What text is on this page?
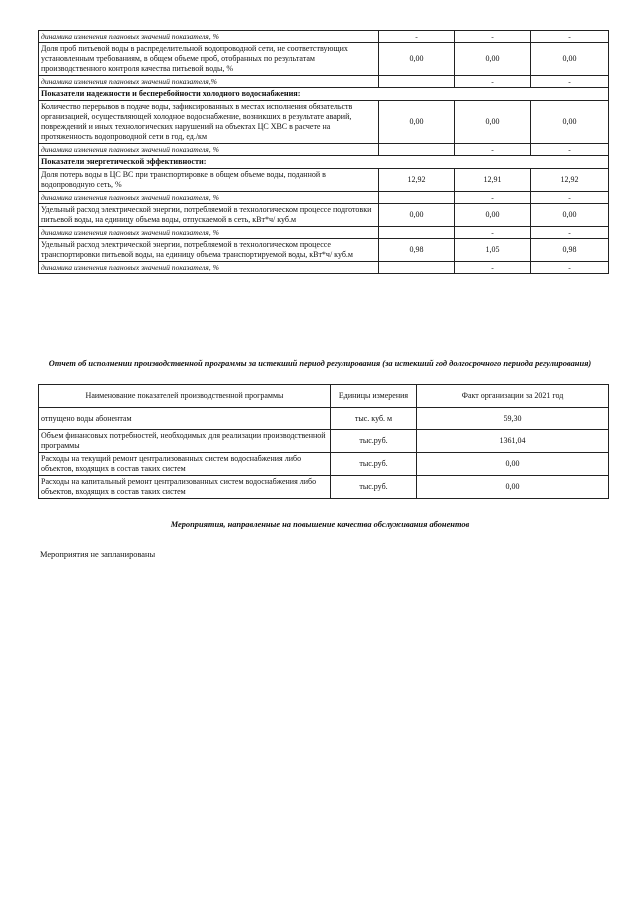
динамика изменения плановых значений показателя, %	-	-	-
Доля проб питьевой воды в распределительной водопроводной сети, не соответствующих установленным требованиям, в общем объеме проб, отобранных по результатам производственного контроля качества питьевой воды, %	0,00	0,00	0,00
динамика изменения плановых значений показателя,%		-	-
Показатели надежности и бесперебойности холодного водоснабжения:			
Количество перерывов в подаче воды, зафиксированных в местах исполнения обязательств организацией, осуществляющей холодное водоснабжение, возникших в результате аварий, повреждений и иных технологических нарушений на объектах ЦС ХВС в расчете на протяженность водопроводной сети в год, ед./км	0,00	0,00	0,00
динамика изменения плановых значений показателя, %		-	-
Показатели энергетической эффективности:			
Доля потерь воды в ЦС ВС при транспортировке в общем объеме воды, поданной в водопроводную сеть, %	12,92	12,91	12,92
динамика изменения плановых значений показателя, %		-	-
Удельный расход электрической энергии, потребляемой в технологическом процессе подготовки питьевой воды, на единицу объема воды, отпускаемой в сеть, кВт*ч/ куб.м	0,00	0,00	0,00
динамика изменения плановых значений показателя, %		-	-
Удельный расход электрической энергии, потребляемой в технологическом процессе транспортировки питьевой воды, на единицу объема транспортируемой воды, кВт*ч/ куб.м	0,98	1,05	0,98
динамика изменения плановых значений показателя, %		-	-
Отчет об исполнении производственной программы за истекший период регулирования (за истекший год долгосрочного периода регулирования)
Наименование показателей производственной программы	Единицы измерения	Факт организации за 2021 год
отпущено воды абонентам	тыс. куб. м	59,30
Объем финансовых потребностей, необходимых для реализации производственной программы	тыс.руб.	1361,04
Расходы на текущий ремонт централизованных систем водоснабжения либо объектов, входящих в состав таких систем	тыс.руб.	0,00
Расходы на капитальный ремонт централизованных систем водоснабжения либо объектов, входящих в состав таких систем	тыс.руб.	0,00
Мероприятия, направленные на повышение качества обслуживания абонентов
Мероприятия не запланированы
